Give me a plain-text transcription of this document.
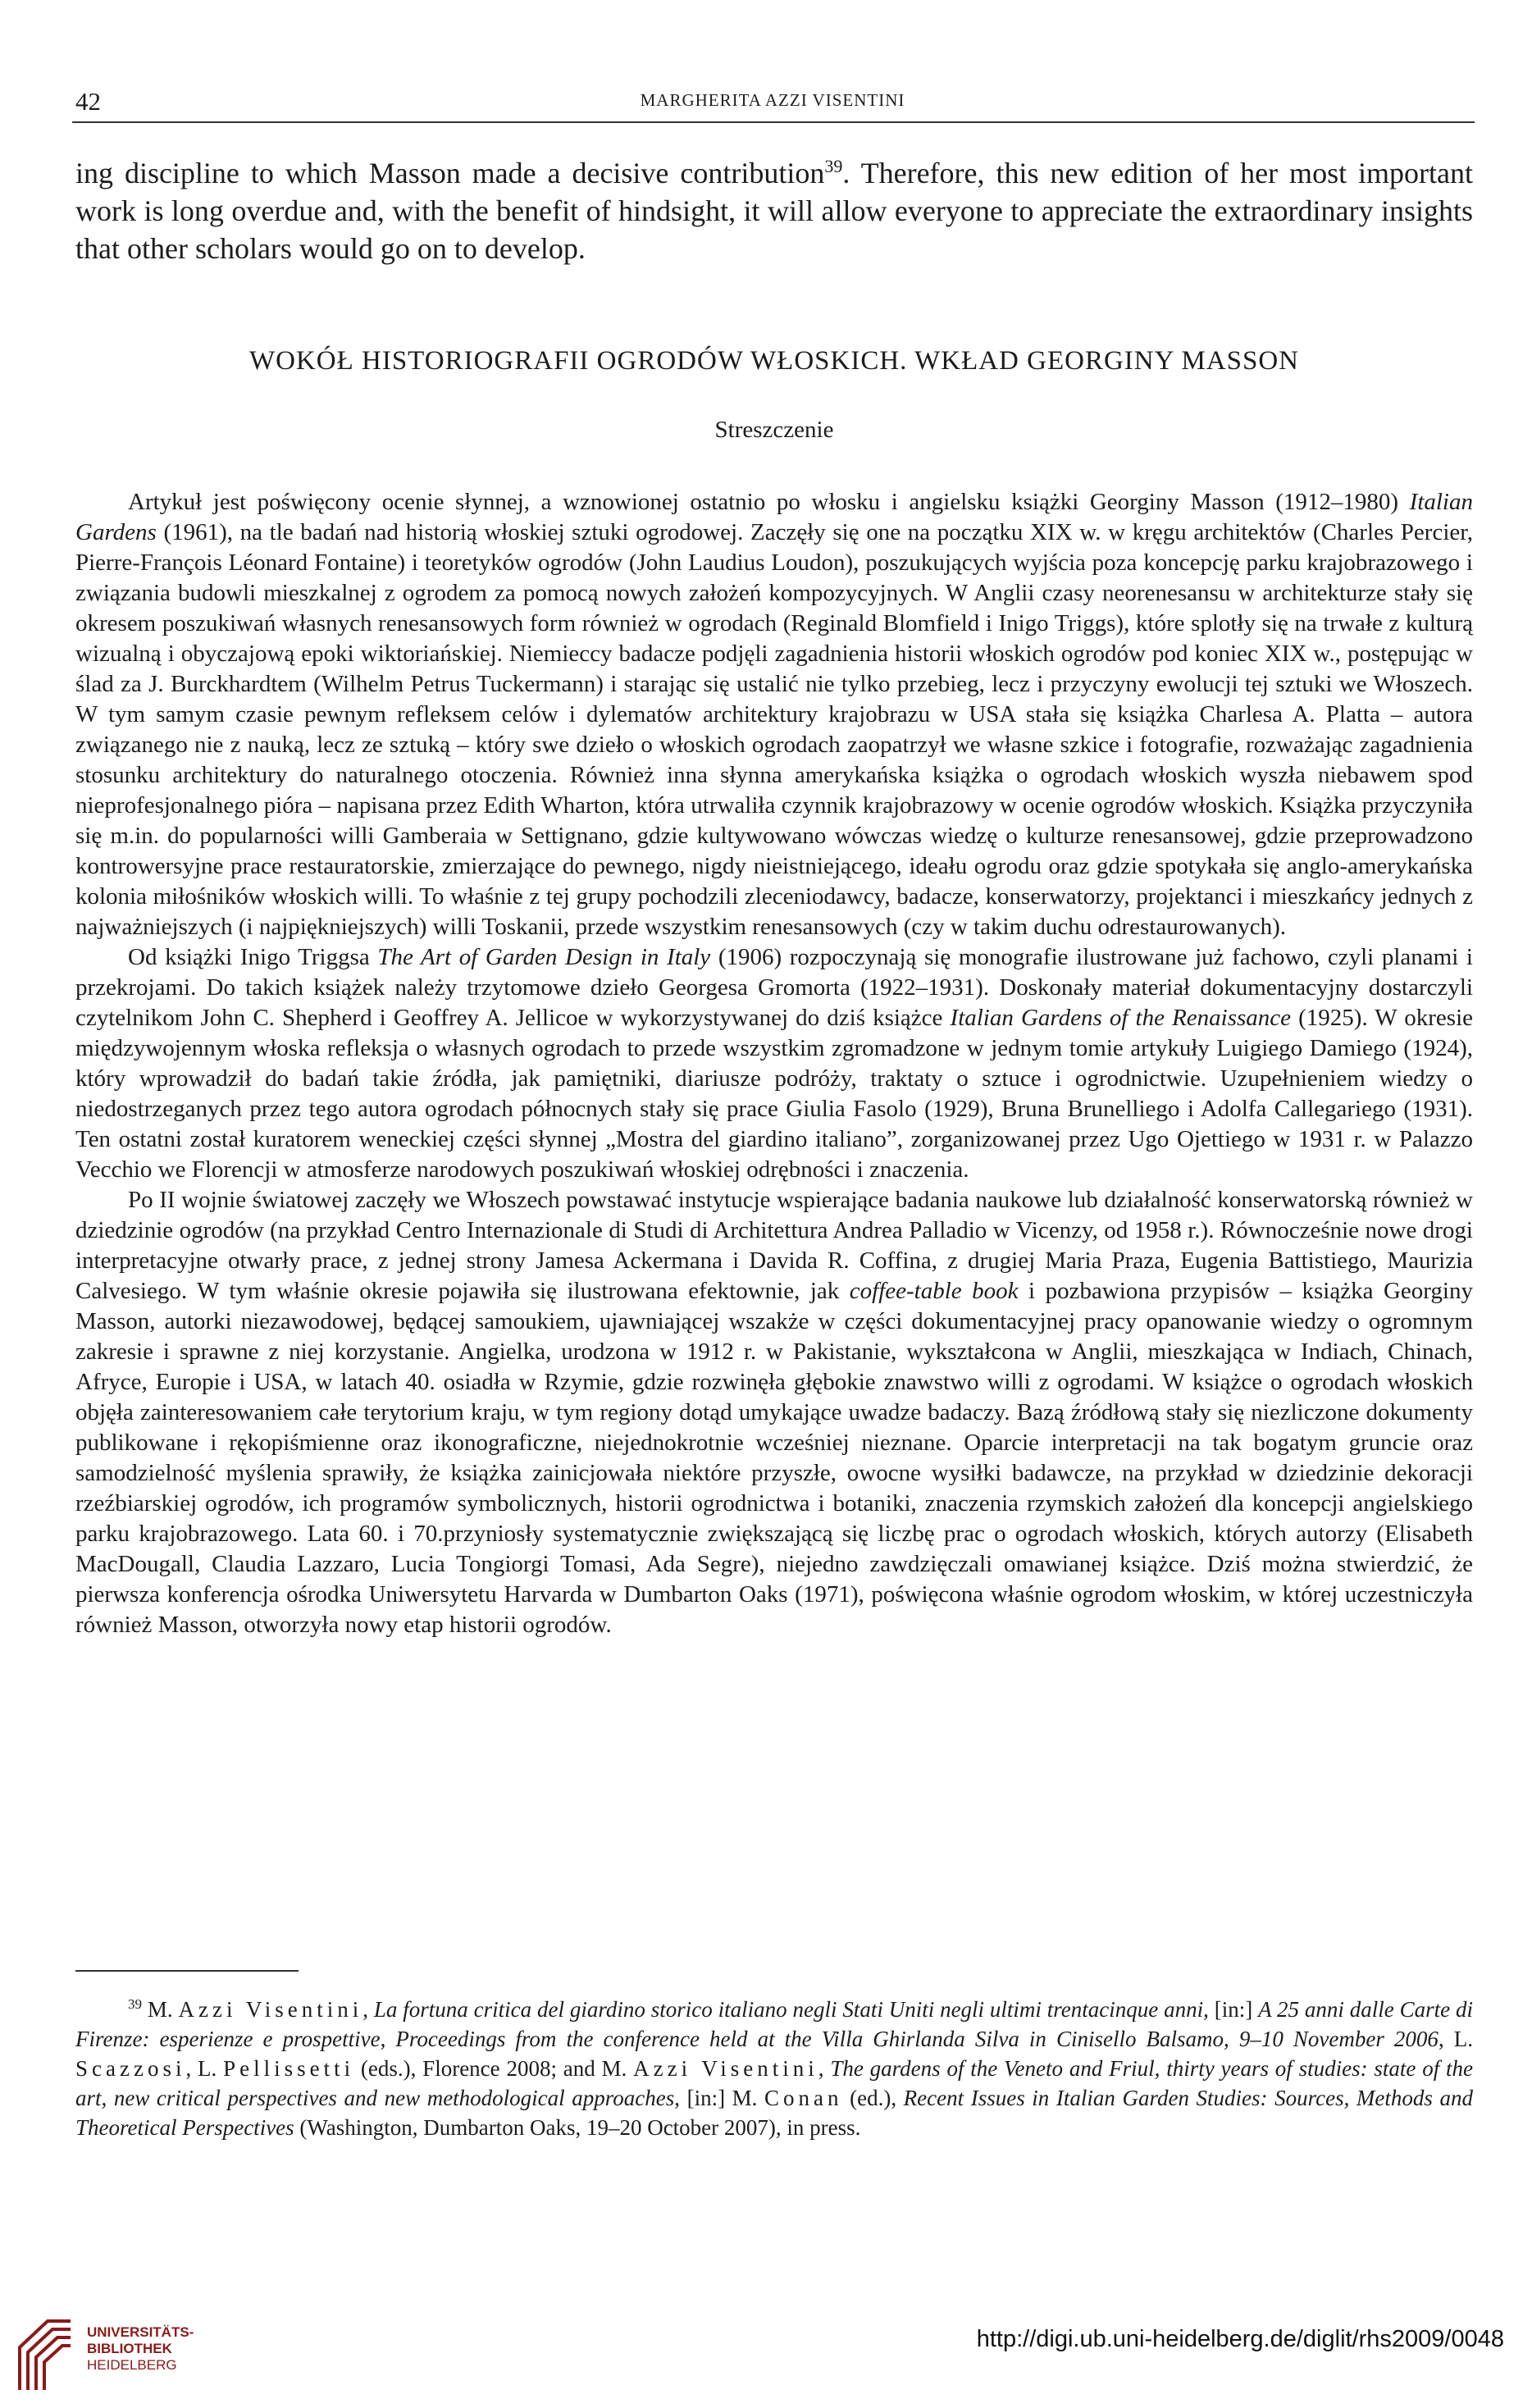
42	MARGHERITA AZZI VISENTINI

ing discipline to which Masson made a decisive contribution$^{39}$. Therefore, this new edition of her most important work is long overdue and, with the benefit of hindsight, it will allow everyone to appreciate the extraordinary insights that other scholars would go on to develop.

WOKÓŁ HISTORIOGRAFII OGRODÓW WŁOSKICH. WKŁAD GEORGINY MASSON
Streszczenie

Artykuł jest poświęcony ocenie słynnej, a wznowionej ostatnio po włosku i angielsku książki Georginy Masson (1912–1980) Italian Gardens (1961), na tle badań nad historią włoskiej sztuki ogrodowej. Zaczęły się one na początku XIX w. w kręgu architektów (Charles Percier, Pierre-François Léonard Fontaine) i teoretyków ogrodów (John Laudius Loudon), poszukujących wyjścia poza koncepcję parku krajobrazowego i związania budowli mieszkalnej z ogrodem za pomocą nowych założeń kompozycyjnych. W Anglii czasy neorenesansu w architekturze stały się okresem poszukiwań własnych renesansowych form również w ogrodach (Reginald Blomfield i Inigo Triggs), które splotły się na trwałe z kulturą wizualną i obyczajową epoki wiktoriańskiej. Niemieccy badacze podjęli zagadnienia historii włoskich ogrodów pod koniec XIX w., postępując w ślad za J. Burckhardtem (Wilhelm Petrus Tuckermann) i starając się ustalić nie tylko przebieg, lecz i przyczyny ewolucji tej sztuki we Włoszech. W tym samym czasie pewnym refleksem celów i dylematów architektury krajobrazu w USA stała się książka Charlesa A. Platta – autora związanego nie z nauką, lecz ze sztuką – który swe dzieło o włoskich ogrodach zaopatrzył we własne szkice i fotografie, rozważając zagadnienia stosunku architektury do naturalnego otoczenia. Również inna słynna amerykańska książka o ogrodach włoskich wyszła niebawem spod nieprofesjonalnego pióra – napisana przez Edith Wharton, która utrwaliła czynnik krajobrazowy w ocenie ogrodów włoskich. Książka przyczyniła się m.in. do popularności willi Gamberaia w Settignano, gdzie kultywowano wówczas wiedzę o kulturze renesansowej, gdzie przeprowadzono kontrowersyjne prace restauratorskie, zmierzające do pewnego, nigdy nieistniejącego, ideału ogrodu oraz gdzie spotykała się anglo-amerykańska kolonia miłośników włoskich willi. To właśnie z tej grupy pochodzili zleceniodawcy, badacze, konserwatorzy, projektanci i mieszkańcy jednych z najważniejszych (i najpiękniejszych) willi Toskanii, przede wszystkim renesansowych (czy w takim duchu odrestaurowanych).

Od książki Inigo Triggsa The Art of Garden Design in Italy (1906) rozpoczynają się monografie ilustrowane już fachowo, czyli planami i przekrojami. Do takich książek należy trzytomowe dzieło Georgesa Gromorta (1922–1931). Doskonały materiał dokumentacyjny dostarczyli czytelnikom John C. Shepherd i Geoffrey A. Jellicoe w wykorzystywanej do dziś książce Italian Gardens of the Renaissance (1925). W okresie międzywojennym włoska refleksja o własnych ogrodach to przede wszystkim zgromadzone w jednym tomie artykuły Luigiego Damiego (1924), który wprowadził do badań takie źródła, jak pamiętniki, diariusze podróży, traktaty o sztuce i ogrodnictwie. Uzupełnieniem wiedzy o niedostrzeganych przez tego autora ogrodach północnych stały się prace Giulia Fasolo (1929), Bruna Brunelliego i Adolfa Callegariego (1931). Ten ostatni został kuratorem weneckiej części słynnej „Mostra del giardino italiano”, zorganizowanej przez Ugo Ojettiego w 1931 r. w Palazzo Vecchio we Florencji w atmosferze narodowych poszukiwań włoskiej odrębności i znaczenia.

Po II wojnie światowej zaczęły we Włoszech powstawać instytucje wspierające badania naukowe lub działalność konserwatorską również w dziedzinie ogrodów (na przykład Centro Internazionale di Studi di Architettura Andrea Palladio w Vicenzy, od 1958 r.). Równocześnie nowe drogi interpretacyjne otwarły prace, z jednej strony Jamesa Ackermana i Davida R. Coffina, z drugiej Maria Praza, Eugenia Battistiego, Maurizia Calvesiego. W tym właśnie okresie pojawiła się ilustrowana efektownie, jak coffee-table book i pozbawiona przypisów – książka Georginy Masson, autorki niezawodowej, będącej samoukiem, ujawniającej wszakże w części dokumentacyjnej pracy opanowanie wiedzy o ogromnym zakresie i sprawne z niej korzystanie. Angielka, urodzona w 1912 r. w Pakistanie, wykształcona w Anglii, mieszkająca w Indiach, Chinach, Afryce, Europie i USA, w latach 40. osiadła w Rzymie, gdzie rozwinęła głębokie znawstwo willi z ogrodami. W książce o ogrodach włoskich objęła zainteresowaniem całe terytorium kraju, w tym regiony dotąd umykające uwadze badaczy. Bazą źródłową stały się niezliczone dokumenty publikowane i rękopiśmienne oraz ikonograficzne, niejednokrotnie wcześniej nieznane. Oparcie interpretacji na tak bogatym gruncie oraz samodzielność myślenia sprawiły, że książka zainicjowała niektóre przyszłe, owocne wysiłki badawcze, na przykład w dziedzinie dekoracji rzeźbiarskiej ogrodów, ich programów symbolicznych, historii ogrodnictwa i botaniki, znaczenia rzymskich założeń dla koncepcji angielskiego parku krajobrazowego. Lata 60. i 70.przyniosły systematycznie zwiększającą się liczbę prac o ogrodach włoskich, których autorzy (Elisabeth MacDougall, Claudia Lazzaro, Lucia Tongiorgi Tomasi, Ada Segre), niejedno zawdzięczali omawianej książce. Dziś można stwierdzić, że pierwsza konferencja ośrodka Uniwersytetu Harvarda w Dumbarton Oaks (1971), poświęcona właśnie ogrodom włoskim, w której uczestniczyła również Masson, otworzyła nowy etap historii ogrodów.

$^{39}$ M. Azzi Visentini, La fortuna critica del giardino storico italiano negli Stati Uniti negli ultimi trentacinque anni, [in:] A 25 anni dalle Carte di Firenze: esperienze e prospettive, Proceedings from the conference held at the Villa Ghirlanda Silva in Cinisello Balsamo, 9–10 November 2006, L. Scazzosi, L. Pellissetti (eds.), Florence 2008; and M. Azzi Visentini, The gardens of the Veneto and Friul, thirty years of studies: state of the art, new critical perspectives and new methodological approaches, [in:] M. Conan (ed.), Recent Issues in Italian Garden Studies: Sources, Methods and Theoretical Perspectives (Washington, Dumbarton Oaks, 19–20 October 2007), in press.

UNIVERSITÄTS-
BIBLIOTHEK
HEIDELBERG
http://digi.ub.uni-heidelberg.de/diglit/rhs2009/0048
